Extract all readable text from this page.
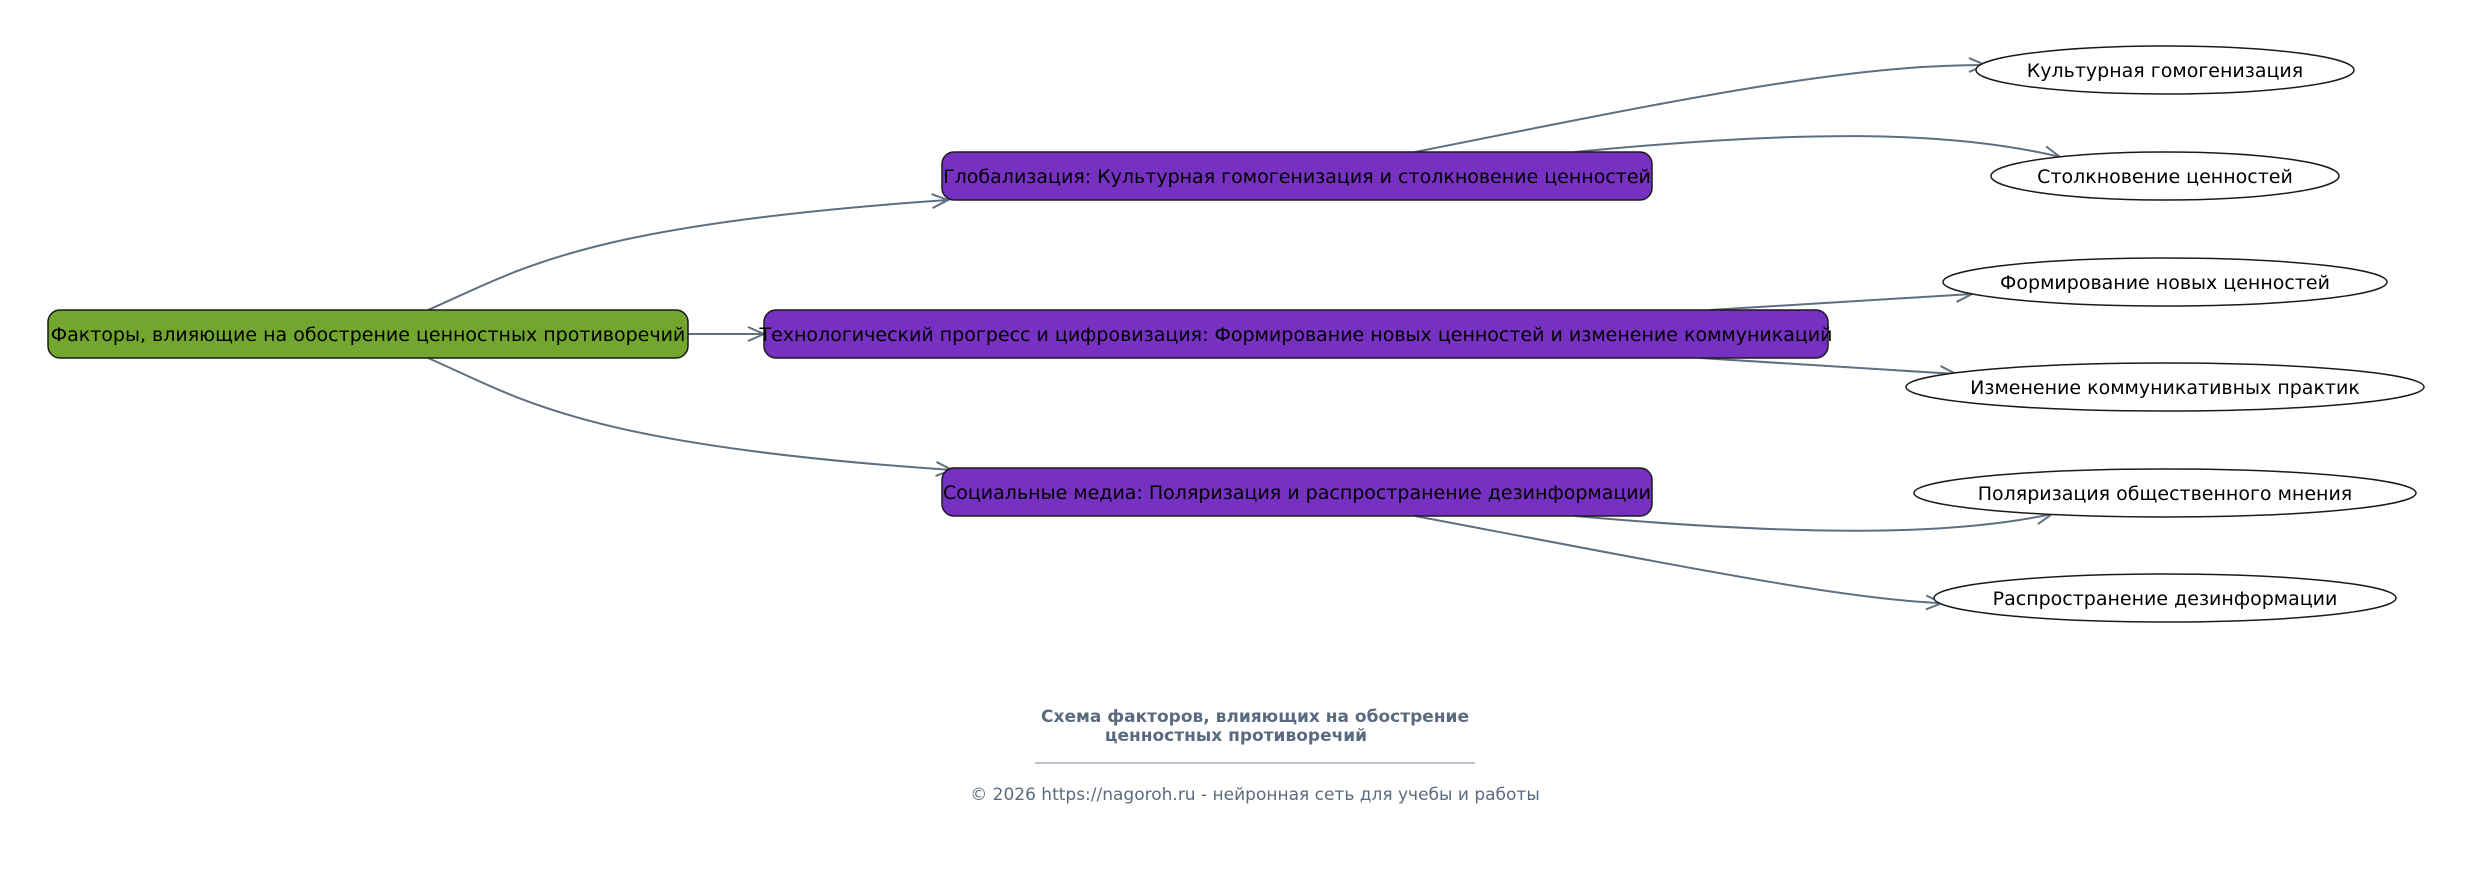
Факторы, влияющие на обострение ценностных противоречий
Глобализация: Культурная гомогенизация и столкновение ценностей
Технологический прогресс и цифровизация: Формирование новых ценностей и изменение коммуникаций
Социальные медиа: Поляризация и распространение дезинформации
Культурная гомогенизация
Столкновение ценностей
Формирование новых ценностей
Изменение коммуникативных практик
Поляризация общественного мнения
Распространение дезинформации
Схема факторов, влияющих на обострение
ценностных противоречий
© 2026 https://nagoroh.ru - нейронная сеть для учебы и работы
